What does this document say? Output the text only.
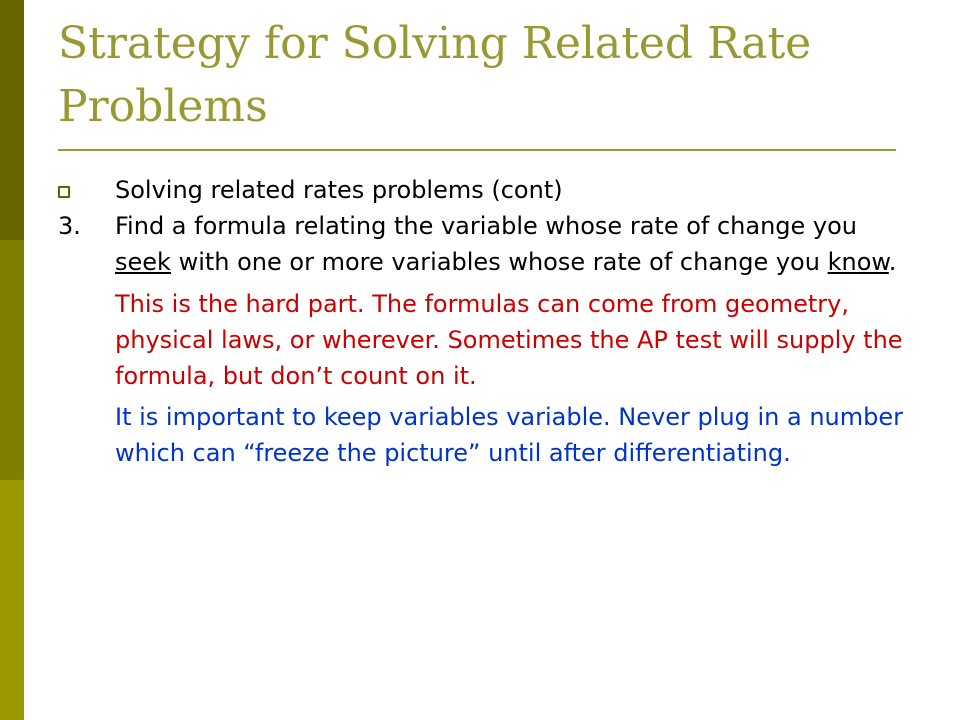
Strategy for Solving Related Rate Problems
Solving related rates problems (cont)
3. Find a formula relating the variable whose rate of change you seek with one or more variables whose rate of change you know.
This is the hard part. The formulas can come from geometry, physical laws, or wherever. Sometimes the AP test will supply the formula, but don’t count on it.
It is important to keep variables variable. Never plug in a number which can “freeze the picture” until after differentiating.
